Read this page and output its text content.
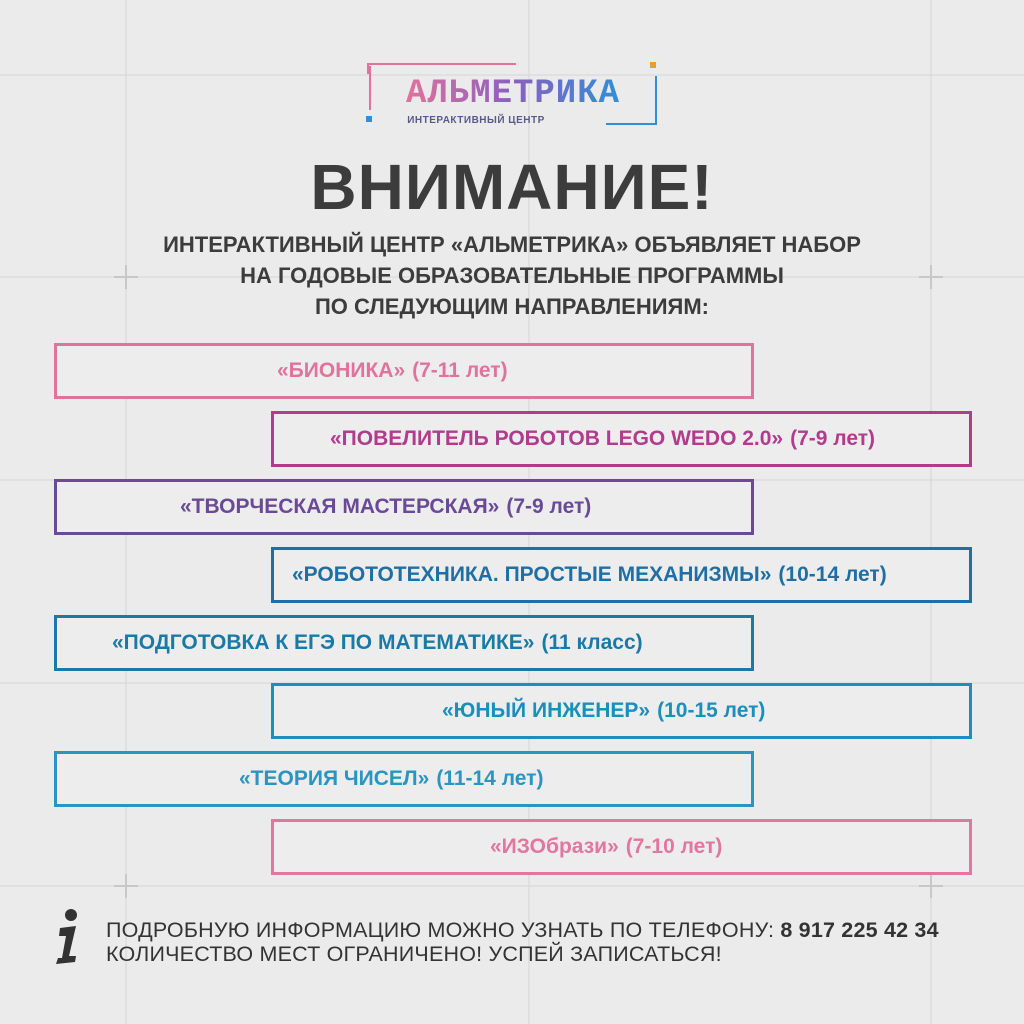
АЛЬМЕТРИКА
ИНТЕРАКТИВНЫЙ ЦЕНТР
ВНИМАНИЕ!
ИНТЕРАКТИВНЫЙ ЦЕНТР «АЛЬМЕТРИКА» ОБЪЯВЛЯЕТ НАБОР
НА ГОДОВЫЕ ОБРАЗОВАТЕЛЬНЫЕ ПРОГРАММЫ
ПО СЛЕДУЮЩИМ НАПРАВЛЕНИЯМ:
«БИОНИКА» (7-11 лет)
«ПОВЕЛИТЕЛЬ РОБОТОВ LEGO WEDO 2.0» (7-9 лет)
«ТВОРЧЕСКАЯ МАСТЕРСКАЯ» (7-9 лет)
«РОБОТОТЕХНИКА. ПРОСТЫЕ МЕХАНИЗМЫ» (10-14 лет)
«ПОДГОТОВКА К ЕГЭ ПО МАТЕМАТИКЕ» (11 класс)
«ЮНЫЙ ИНЖЕНЕР» (10-15 лет)
«ТЕОРИЯ ЧИСЕЛ» (11-14 лет)
«ИЗОбрази» (7-10 лет)
ПОДРОБНУЮ ИНФОРМАЦИЮ МОЖНО УЗНАТЬ ПО ТЕЛЕФОНУ: 8 917 225 42 34
КОЛИЧЕСТВО МЕСТ ОГРАНИЧЕНО! УСПЕЙ ЗАПИСАТЬСЯ!
